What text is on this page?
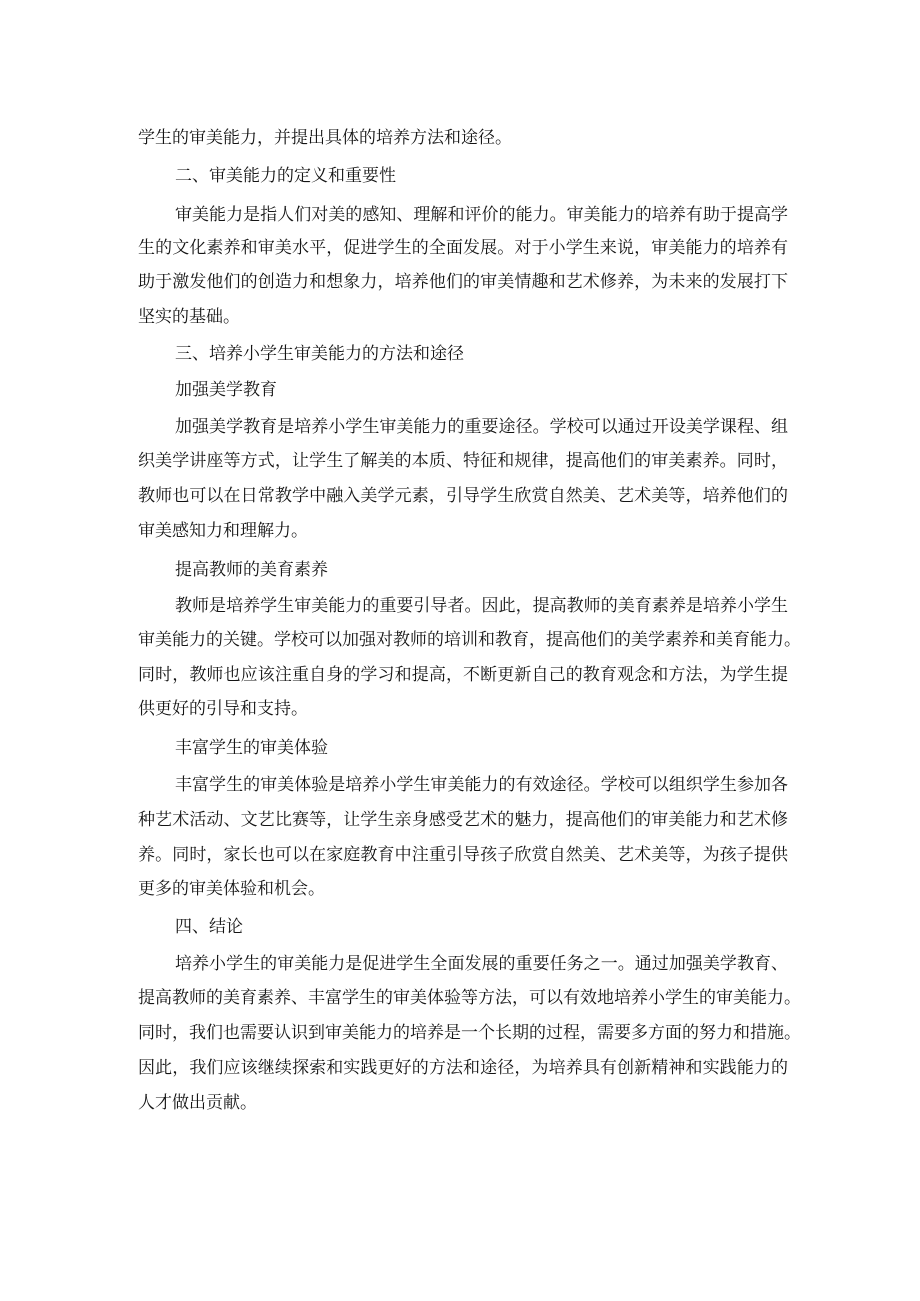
学生的审美能力，并提出具体的培养方法和途径。
二、审美能力的定义和重要性
审美能力是指人们对美的感知、理解和评价的能力。审美能力的培养有助于提高学
生的文化素养和审美水平，促进学生的全面发展。对于小学生来说，审美能力的培养有
助于激发他们的创造力和想象力，培养他们的审美情趣和艺术修养，为未来的发展打下
坚实的基础。
三、培养小学生审美能力的方法和途径
加强美学教育
加强美学教育是培养小学生审美能力的重要途径。学校可以通过开设美学课程、组
织美学讲座等方式，让学生了解美的本质、特征和规律，提高他们的审美素养。同时，
教师也可以在日常教学中融入美学元素，引导学生欣赏自然美、艺术美等，培养他们的
审美感知力和理解力。
提高教师的美育素养
教师是培养学生审美能力的重要引导者。因此，提高教师的美育素养是培养小学生
审美能力的关键。学校可以加强对教师的培训和教育，提高他们的美学素养和美育能力。
同时，教师也应该注重自身的学习和提高，不断更新自己的教育观念和方法，为学生提
供更好的引导和支持。
丰富学生的审美体验
丰富学生的审美体验是培养小学生审美能力的有效途径。学校可以组织学生参加各
种艺术活动、文艺比赛等，让学生亲身感受艺术的魅力，提高他们的审美能力和艺术修
养。同时，家长也可以在家庭教育中注重引导孩子欣赏自然美、艺术美等，为孩子提供
更多的审美体验和机会。
四、结论
培养小学生的审美能力是促进学生全面发展的重要任务之一。通过加强美学教育、
提高教师的美育素养、丰富学生的审美体验等方法，可以有效地培养小学生的审美能力。
同时，我们也需要认识到审美能力的培养是一个长期的过程，需要多方面的努力和措施。
因此，我们应该继续探索和实践更好的方法和途径，为培养具有创新精神和实践能力的
人才做出贡献。
